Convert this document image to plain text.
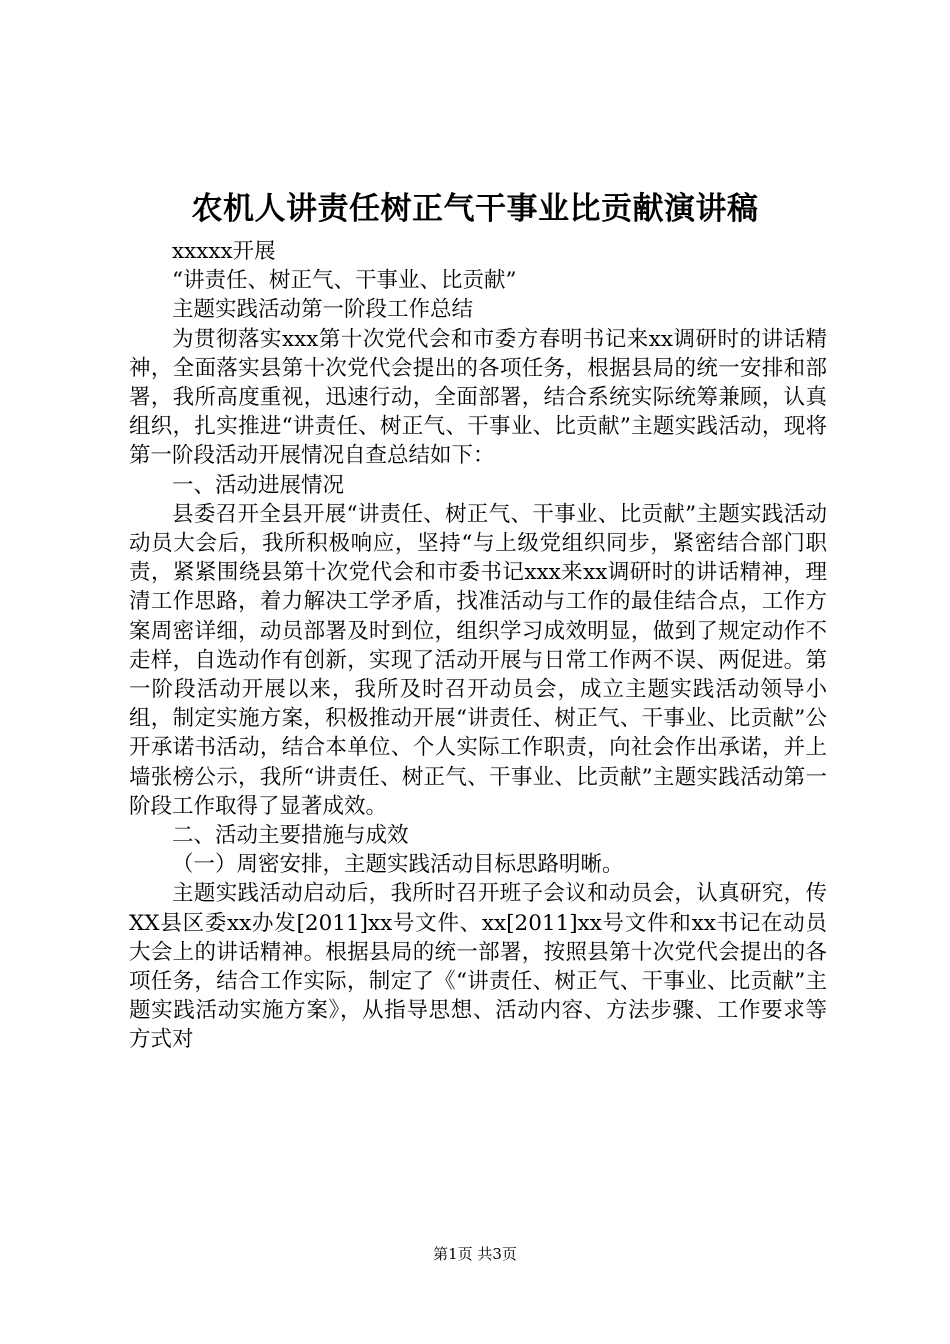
农机人讲责任树正气干事业比贡献演讲稿

xxxxx开展

“讲责任、树正气、干事业、比贡献”

主题实践活动第一阶段工作总结

为贯彻落实xxx第十次党代会和市委方春明书记来xx调研时的讲话精神，全面落实县第十次党代会提出的各项任务，根据县局的统一安排和部署，我所高度重视，迅速行动，全面部署，结合系统实际统筹兼顾，认真组织，扎实推进“讲责任、树正气、干事业、比贡献”主题实践活动，现将第一阶段活动开展情况自查总结如下：

一、活动进展情况

县委召开全县开展“讲责任、树正气、干事业、比贡献”主题实践活动动员大会后，我所积极响应，坚持“与上级党组织同步，紧密结合部门职责，紧紧围绕县第十次党代会和市委书记xxx来xx调研时的讲话精神，理清工作思路，着力解决工学矛盾，找准活动与工作的最佳结合点，工作方案周密详细，动员部署及时到位，组织学习成效明显，做到了规定动作不走样，自选动作有创新，实现了活动开展与日常工作两不误、两促进。第一阶段活动开展以来，我所及时召开动员会，成立主题实践活动领导小组，制定实施方案，积极推动开展“讲责任、树正气、干事业、比贡献”公开承诺书活动，结合本单位、个人实际工作职责，向社会作出承诺，并上墙张榜公示，我所“讲责任、树正气、干事业、比贡献”主题实践活动第一阶段工作取得了显著成效。

二、活动主要措施与成效

（一）周密安排，主题实践活动目标思路明晰。

主题实践活动启动后，我所时召开班子会议和动员会，认真研究，传XX县区委xx办发[2011]xx号文件、xx[2011]xx号文件和xx书记在动员大会上的讲话精神。根据县局的统一部署，按照县第十次党代会提出的各项任务，结合工作实际，制定了《“讲责任、树正气、干事业、比贡献”主题实践活动实施方案》，从指导思想、活动内容、方法步骤、工作要求等方式对

第1页 共3页
